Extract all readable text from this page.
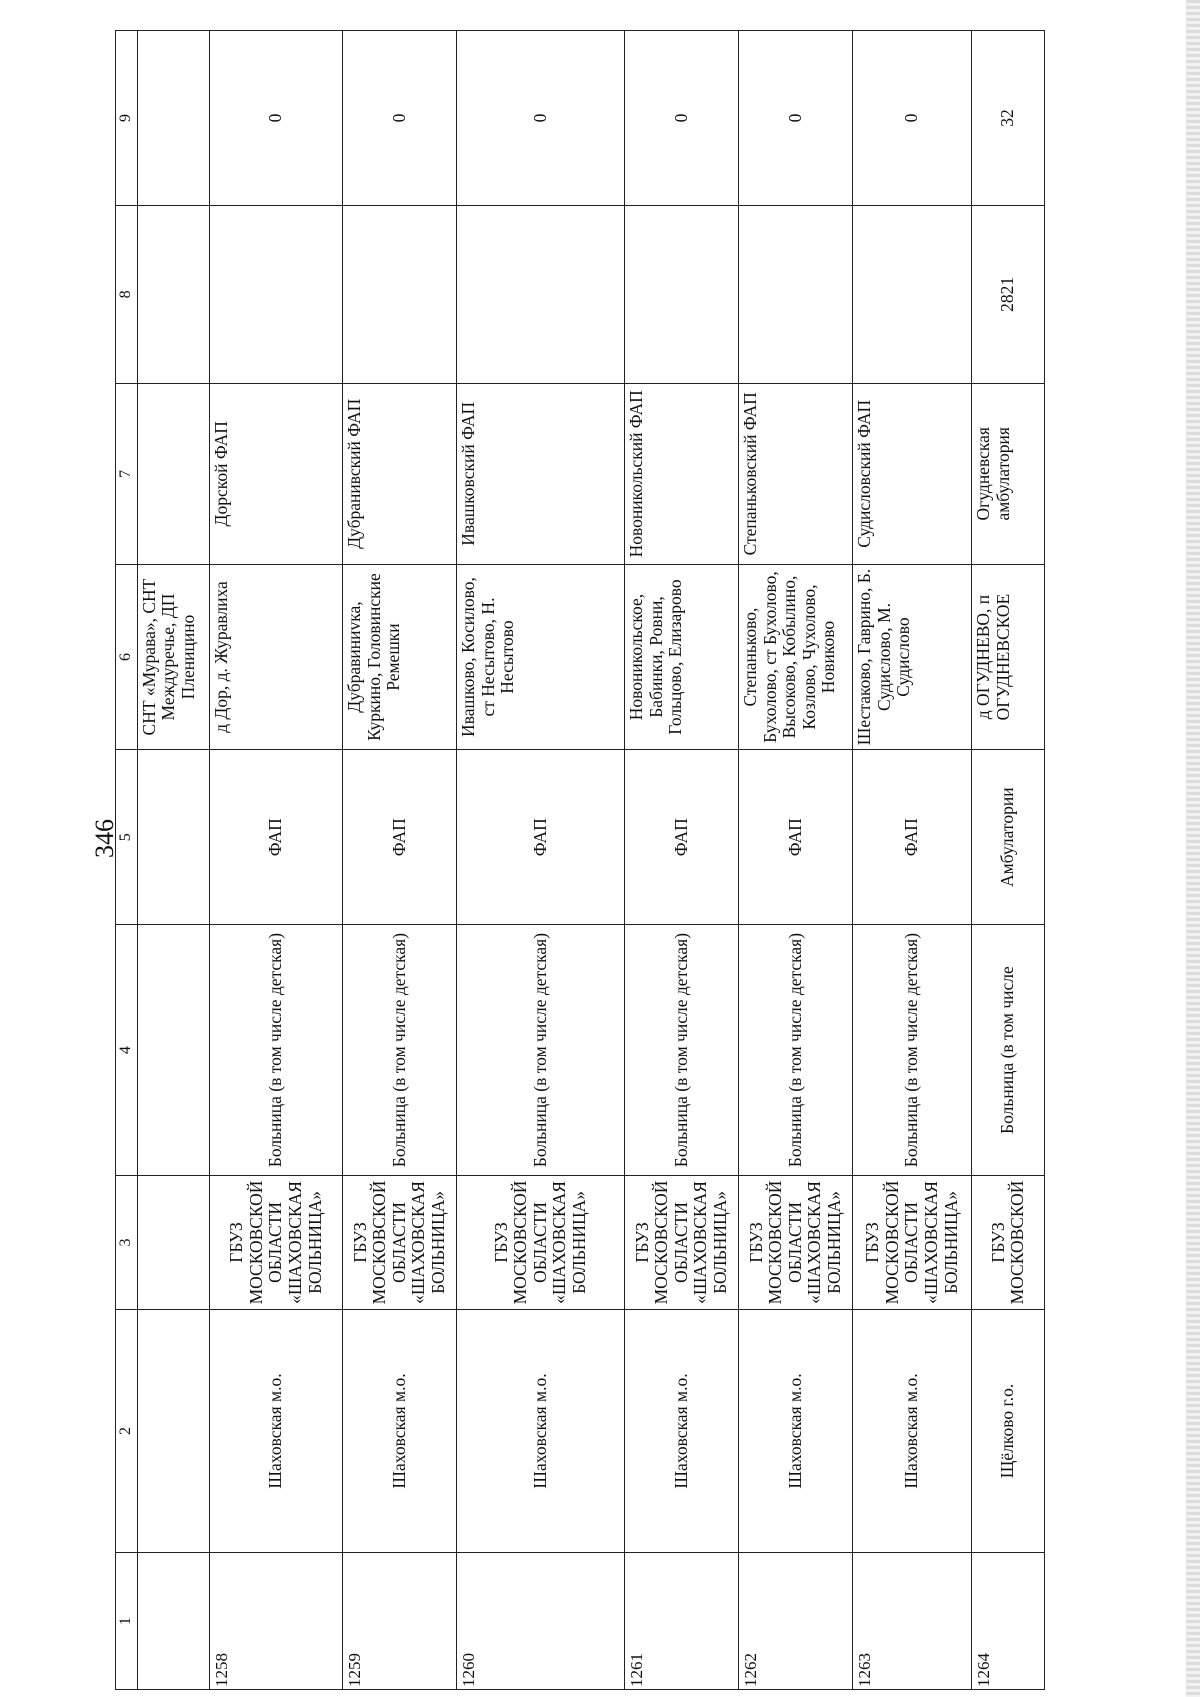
346
1	2	3	4	5	6	7	8	9
					СНТ «Мурава», СНТ Междуречье, ДП Пленицино			
1258	Шаховская м.о.	ГБУЗ МОСКОВСКОЙ ОБЛАСТИ «ШАХОВСКАЯ БОЛЬНИЦА»	Больница (в том числе детская)	ФАП	д Дор, д. Журавлиха	Дорской ФАП		0
1259	Шаховская м.о.	ГБУЗ МОСКОВСКОЙ ОБЛАСТИ «ШАХОВСКАЯ БОЛЬНИЦА»	Больница (в том числе детская)	ФАП	Дубравиниvка, Куркино, Головинские Ремешки	Дубранивский ФАП		0
1260	Шаховская м.о.	ГБУЗ МОСКОВСКОЙ ОБЛАСТИ «ШАХОВСКАЯ БОЛЬНИЦА»	Больница (в том числе детская)	ФАП	Ивашково, Косилово, ст Несытово, Н. Несытово	Ивашковский ФАП		0
1261	Шаховская м.о.	ГБУЗ МОСКОВСКОЙ ОБЛАСТИ «ШАХОВСКАЯ БОЛЬНИЦА»	Больница (в том числе детская)	ФАП	Новоникольское, Бабинки, Ровни, Гольцово, Елизарово	Новоникольский ФАП		0
1262	Шаховская м.о.	ГБУЗ МОСКОВСКОЙ ОБЛАСТИ «ШАХОВСКАЯ БОЛЬНИЦА»	Больница (в том числе детская)	ФАП	Степаньково, Бухолово, ст Бухолово, Высоково, Кобылино, Козлово, Чухолово, Новиково	Степаньковский ФАП		0
1263	Шаховская м.о.	ГБУЗ МОСКОВСКОЙ ОБЛАСТИ «ШАХОВСКАЯ БОЛЬНИЦА»	Больница (в том числе детская)	ФАП	Шестаково, Гаврино, Б. Судислово, М. Судислово	Судисловский ФАП		0
1264	Щёлково г.о.	ГБУЗ МОСКОВСКОЙ	Больница (в том числе	Амбулатории	д ОГУДНЕВО, п ОГУДНЕВСКОЕ	Огудневская амбулатория	2821	32
